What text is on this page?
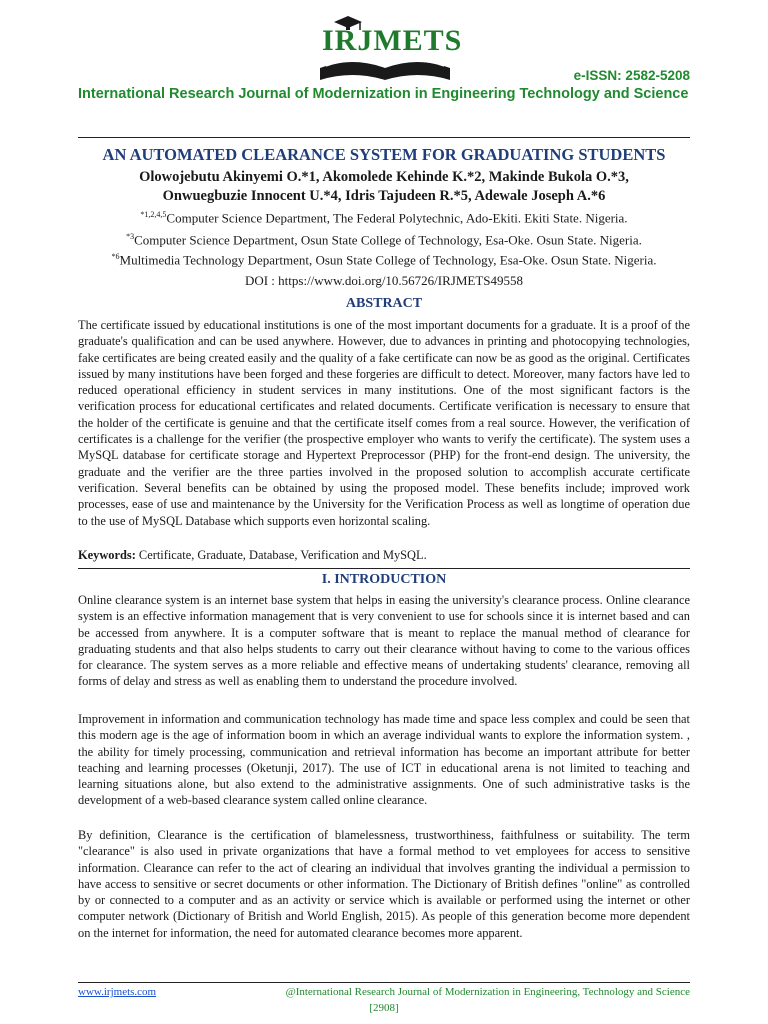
IRJMETS
e-ISSN: 2582-5208
International Research Journal of Modernization in Engineering Technology and Science
AN AUTOMATED CLEARANCE SYSTEM FOR GRADUATING STUDENTS
Olowojebutu Akinyemi O.*1, Akomolede Kehinde K.*2, Makinde Bukola O.*3,
Onwuegbuzie Innocent U.*4, Idris Tajudeen R.*5, Adewale Joseph A.*6
$^{*1,2,4,5}$Computer Science Department, The Federal Polytechnic, Ado-Ekiti. Ekiti State. Nigeria.
$^{*3}$Computer Science Department, Osun State College of Technology, Esa-Oke. Osun State. Nigeria.
$^{*6}$Multimedia Technology Department, Osun State College of Technology, Esa-Oke. Osun State. Nigeria.
DOI : https://www.doi.org/10.56726/IRJMETS49558
ABSTRACT

The certificate issued by educational institutions is one of the most important documents for a graduate. It is a proof of the graduate's qualification and can be used anywhere. However, due to advances in printing and photocopying technologies, fake certificates are being created easily and the quality of a fake certificate can now be as good as the original. Certificates issued by many institutions have been forged and these forgeries are difficult to detect. Moreover, many factors have led to reduced operational efficiency in student services in many institutions. One of the most significant factors is the verification process for educational certificates and related documents. Certificate verification is necessary to ensure that the holder of the certificate is genuine and that the certificate itself comes from a real source. However, the verification of certificates is a challenge for the verifier (the prospective employer who wants to verify the certificate). The system uses a MySQL database for certificate storage and Hypertext Preprocessor (PHP) for the front-end design. The university, the graduate and the verifier are the three parties involved in the proposed solution to accomplish accurate certificate verification. Several benefits can be obtained by using the proposed model. These benefits include; improved work processes, ease of use and maintenance by the University for the Verification Process as well as longtime of operation due to the use of MySQL Database which supports even horizontal scaling.

Keywords: Certificate, Graduate, Database, Verification and MySQL.
I. INTRODUCTION

Online clearance system is an internet base system that helps in easing the university's clearance process. Online clearance system is an effective information management that is very convenient to use for schools since it is internet based and can be accessed from anywhere. It is a computer software that is meant to replace the manual method of clearance for graduating students and that also helps students to carry out their clearance without having to come to the various offices for clearance. The system serves as a more reliable and effective means of undertaking students' clearance, removing all forms of delay and stress as well as enabling them to understand the procedure involved.

Improvement in information and communication technology has made time and space less complex and could be seen that this modern age is the age of information boom in which an average individual wants to explore the information system. , the ability for timely processing, communication and retrieval information has become an important attribute for better teaching and learning processes (Oketunji, 2017). The use of ICT in educational arena is not limited to teaching and learning situations alone, but also extend to the administrative assignments. One of such administrative tasks is the development of a web-based clearance system called online clearance.

By definition, Clearance is the certification of blamelessness, trustworthiness, faithfulness or suitability. The term "clearance" is also used in private organizations that have a formal method to vet employees for access to sensitive information. Clearance can refer to the act of clearing an individual that involves granting the individual a permission to have access to sensitive or secret documents or other information. The Dictionary of British defines "online" as controlled by or connected to a computer and as an activity or service which is available or performed using the internet or other computer network (Dictionary of British and World English, 2015). As people of this generation become more dependent on the internet for information, the need for automated clearance becomes more apparent.

www.irjmets.com	@International Research Journal of Modernization in Engineering, Technology and Science
[2908]
